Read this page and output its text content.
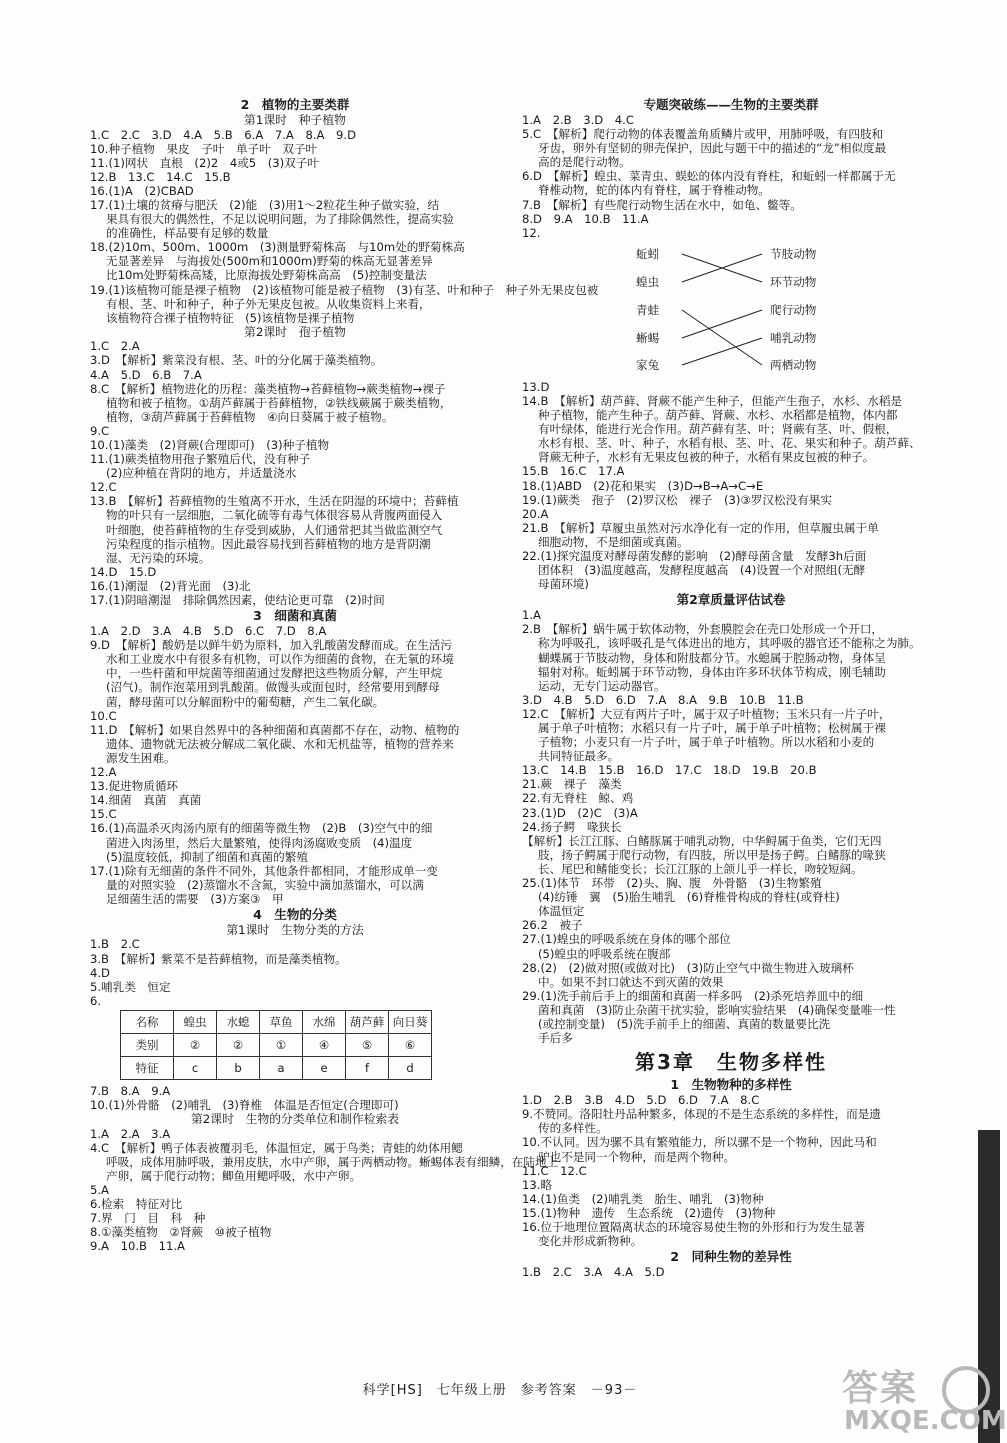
2　植物的主要类群
第1课时　种子植物
1.C　2.C　3.D　4.A　5.B　6.A　7.A　8.A　9.D
10.种子植物　果皮　子叶　单子叶　双子叶
11.(1)网状　直根　(2)2　4或5　(3)双子叶
12.B　13.C　14.C　15.B
16.(1)A　(2)CBAD
17.(1)土壤的贫瘠与肥沃　(2)能　(3)用1～2粒花生种子做实验，结
果具有很大的偶然性，不足以说明问题，为了排除偶然性，提高实验
的准确性，样品要有足够的数量
18.(2)10m、500m、1000m　(3)测量野菊株高　与10m处的野菊株高
无显著差异　与海拔处(500m和1000m)野菊的株高无显著差异
比10m处野菊株高矮，比原海拔处野菊株高高　(5)控制变量法
19.(1)该植物可能是裸子植物　(2)该植物可能是被子植物　(3)有茎、叶和种子　种子外无果皮包被
有根、茎、叶和种子，种子外无果皮包被。从收集资料上来看，
该植物符合裸子植物特征　(5)该植物是裸子植物
第2课时　孢子植物
1.C　2.A
3.D　【解析】紫菜没有根、茎、叶的分化属于藻类植物。
4.A　5.D　6.B　7.A
8.C　【解析】植物进化的历程：藻类植物→苔藓植物→蕨类植物→裸子
植物和被子植物。①葫芦藓属于苔藓植物，②铁线蕨属于蕨类植物，
植物，③葫芦藓属于苔藓植物　④向日葵属于被子植物。
9.C
10.(1)藻类　(2)肾蕨(合理即可)　(3)种子植物
11.(1)蕨类植物用孢子繁殖后代，没有种子
(2)应种植在背阴的地方，并适量浇水
12.C
13.B　【解析】苔藓植物的生殖离不开水，生活在阴湿的环境中；苔藓植
物的叶只有一层细胞，二氧化硫等有毒气体很容易从背腹两面侵入
叶细胞，使苔藓植物的生存受到威胁，人们通常把其当做监测空气
污染程度的指示植物。因此最容易找到苔藓植物的地方是背阴潮
湿、无污染的环境。
14.D　15.D
16.(1)潮湿　(2)背光面　(3)北
17.(1)阴暗潮湿　排除偶然因素，使结论更可靠　(2)时间
3　细菌和真菌
1.A　2.D　3.A　4.B　5.D　6.C　7.D　8.A
9.D　【解析】酸奶是以鲜牛奶为原料，加入乳酸菌发酵而成。在生活污
水和工业废水中有很多有机物，可以作为细菌的食物，在无氧的环境
中，一些杆菌和甲烷菌等细菌通过发酵把这些物质分解，产生甲烷
(沼气)。制作泡菜用到乳酸菌。做馒头或面包时，经常要用到酵母
菌，酵母菌可以分解面粉中的葡萄糖，产生二氧化碳。
10.C
11.D　【解析】如果自然界中的各种细菌和真菌都不存在，动物、植物的
遗体、遗物就无法被分解成二氧化碳、水和无机盐等，植物的营养来
源发生困难。
12.A
13.促进物质循环
14.细菌　真菌　真菌
15.C
16.(1)高温杀灭肉汤内原有的细菌等微生物　(2)B　(3)空气中的细
菌进入肉汤里，然后大量繁殖，使得肉汤腐败变质　(4)温度
(5)温度较低，抑制了细菌和真菌的繁殖
17.(1)除有无细菌的条件不同外，其他条件都相同，才能形成单一变
量的对照实验　(2)蒸馏水不含氮，实验中滴加蒸馏水，可以满
足细菌生活的需要　(3)方案③　甲
4　生物的分类
第1课时　生物分类的方法
1.B　2.C
3.B　【解析】紫菜不是苔藓植物，而是藻类植物。
4.D
5.哺乳类　恒定
6.
名称	蝗虫	水螅	草鱼	水绵	葫芦藓	向日葵
类别	②	②	①	④	⑤	⑥
特征	c	b	a	e	f	d
7.B　8.A　9.A
10.(1)外骨骼　(2)哺乳　(3)脊椎　体温是否恒定(合理即可)
第2课时　生物的分类单位和制作检索表
1.A　2.A　3.A
4.C　【解析】鸭子体表被覆羽毛，体温恒定，属于鸟类；青蛙的幼体用鳃
呼吸，成体用肺呼吸，兼用皮肤，水中产卵，属于两栖动物。蜥蜴体表有细鳞，在陆地上
产卵，属于爬行动物；鲫鱼用鳃呼吸，水中产卵。
5.A
6.检索　特征对比
7.界　门　目　科　种
8.①藻类植物　②肾蕨　⑩被子植物
9.A　10.B　11.A
专题突破练——生物的主要类群
1.A　2.B　3.D　4.C
5.C　【解析】爬行动物的体表覆盖角质鳞片或甲，用肺呼吸，有四肢和
牙齿，卵外有坚韧的卵壳保护，因此与题干中的描述的“龙”相似度最
高的是爬行动物。
6.D　【解析】蝗虫、菜青虫、蜈蚣的体内没有脊柱，和蚯蚓一样都属于无
脊椎动物，蛇的体内有脊柱，属于脊椎动物。
7.B　【解析】有些爬行动物生活在水中，如龟、鳖等。
8.D　9.A　10.B　11.A
12.
蚯蚓
蝗虫
青蛙
蜥蜴
家兔
节肢动物
环节动物
爬行动物
哺乳动物
两栖动物
13.D
14.B　【解析】葫芦藓、肾蕨不能产生种子，但能产生孢子，水杉、水稻是
种子植物，能产生种子。葫芦藓、肾蕨、水杉、水稻都是植物，体内都
有叶绿体，能进行光合作用。葫芦藓有茎、叶；肾蕨有茎、叶、假根，
水杉有根、茎、叶、种子，水稻有根、茎、叶、花、果实和种子。葫芦藓、
肾蕨无种子，水杉有无果皮包被的种子，水稻有果皮包被的种子。
15.B　16.C　17.A
18.(1)ABD　(2)花和果实　(3)D→B→A→C→E
19.(1)蕨类　孢子　(2)罗汉松　裸子　(3)③罗汉松没有果实
20.A
21.B　【解析】草履虫虽然对污水净化有一定的作用，但草履虫属于单
细胞动物，不是细菌或真菌。
22.(1)探究温度对酵母菌发酵的影响　(2)酵母菌含量　发酵3h后面
团体积　(3)温度越高，发酵程度越高　(4)设置一个对照组(无酵
母菌环境)
第2章质量评估试卷
1.A
2.B　【解析】蜗牛属于软体动物，外套膜腔会在壳口处形成一个开口，
称为呼吸孔，该呼吸孔是气体进出的地方，其呼吸的器官还不能称之为肺。
蝴蝶属于节肢动物，身体和附肢都分节。水螅属于腔肠动物，身体呈
辐射对称。蚯蚓属于环节动物，身体由许多环状体节构成，刚毛辅助
运动，无专门运动器官。
3.D　4.B　5.D　6.D　7.A　8.A　9.B　10.B　11.B
12.C　【解析】大豆有两片子叶，属于双子叶植物；玉米只有一片子叶，
属于单子叶植物；水稻只有一片子叶，属于单子叶植物；松树属于裸
子植物；小麦只有一片子叶，属于单子叶植物。所以水稻和小麦的
共同特征最多。
13.C　14.B　15.B　16.D　17.C　18.D　19.B　20.B
21.蕨　裸子　藻类
22.有无脊柱　鲸、鸡
23.(1)D　(2)C　(3)A
24.扬子鳄　喙狭长
【解析】长江江豚、白鳍豚属于哺乳动物，中华鲟属于鱼类，它们无四
肢，扬子鳄属于爬行动物，有四肢，所以甲是扬子鳄。白鳍豚的喙狭
长、尾巴和鳍能变长；长江江豚的上颌儿乎一样长，吻较短阔。
25.(1)体节　环带　(2)头、胸、腹　外骨骼　(3)生物繁殖
(4)纺锤　翼　(5)胎生哺乳　(6)脊椎骨构成的脊柱(或脊柱)
体温恒定
26.2　被子
27.(1)蝗虫的呼吸系统在身体的哪个部位
(5)蝗虫的呼吸系统在腹部
28.(2)　(2)做对照(或做对比)　(3)防止空气中微生物进入玻璃杯
中。如果不封口就达不到灭菌的效果
29.(1)洗手前后手上的细菌和真菌一样多吗　(2)杀死培养皿中的细
菌和真菌　(3)防止杂菌干扰实验，影响实验结果　(4)确保变量唯一性
(或控制变量)　(5)洗手前手上的细菌、真菌的数量要比洗
手后多
第3章　生物多样性
1　生物物种的多样性
1.D　2.B　3.B　4.D　5.D　6.D　7.A　8.C
9.不赞同。洛阳牡丹品种繁多，体现的不是生态系统的多样性，而是遗
传的多样性。
10.不认同。因为骡不具有繁殖能力，所以骡不是一个物种，因此马和
驴也不是同一个物种，而是两个物种。
11.C　12.C
13.略
14.(1)鱼类　(2)哺乳类　胎生、哺乳　(3)物种
15.(1)物种　遗传　生态系统　(2)遗传　(3)物种
16.位于地理位置隔离状态的环境容易使生物的外形和行为发生显著
变化并形成新物种。
2　同种生物的差异性
1.B　2.C　3.A　4.A　5.D
科学[HS]　七年级上册　参考答案　－93－	答案
MXQE.COM
